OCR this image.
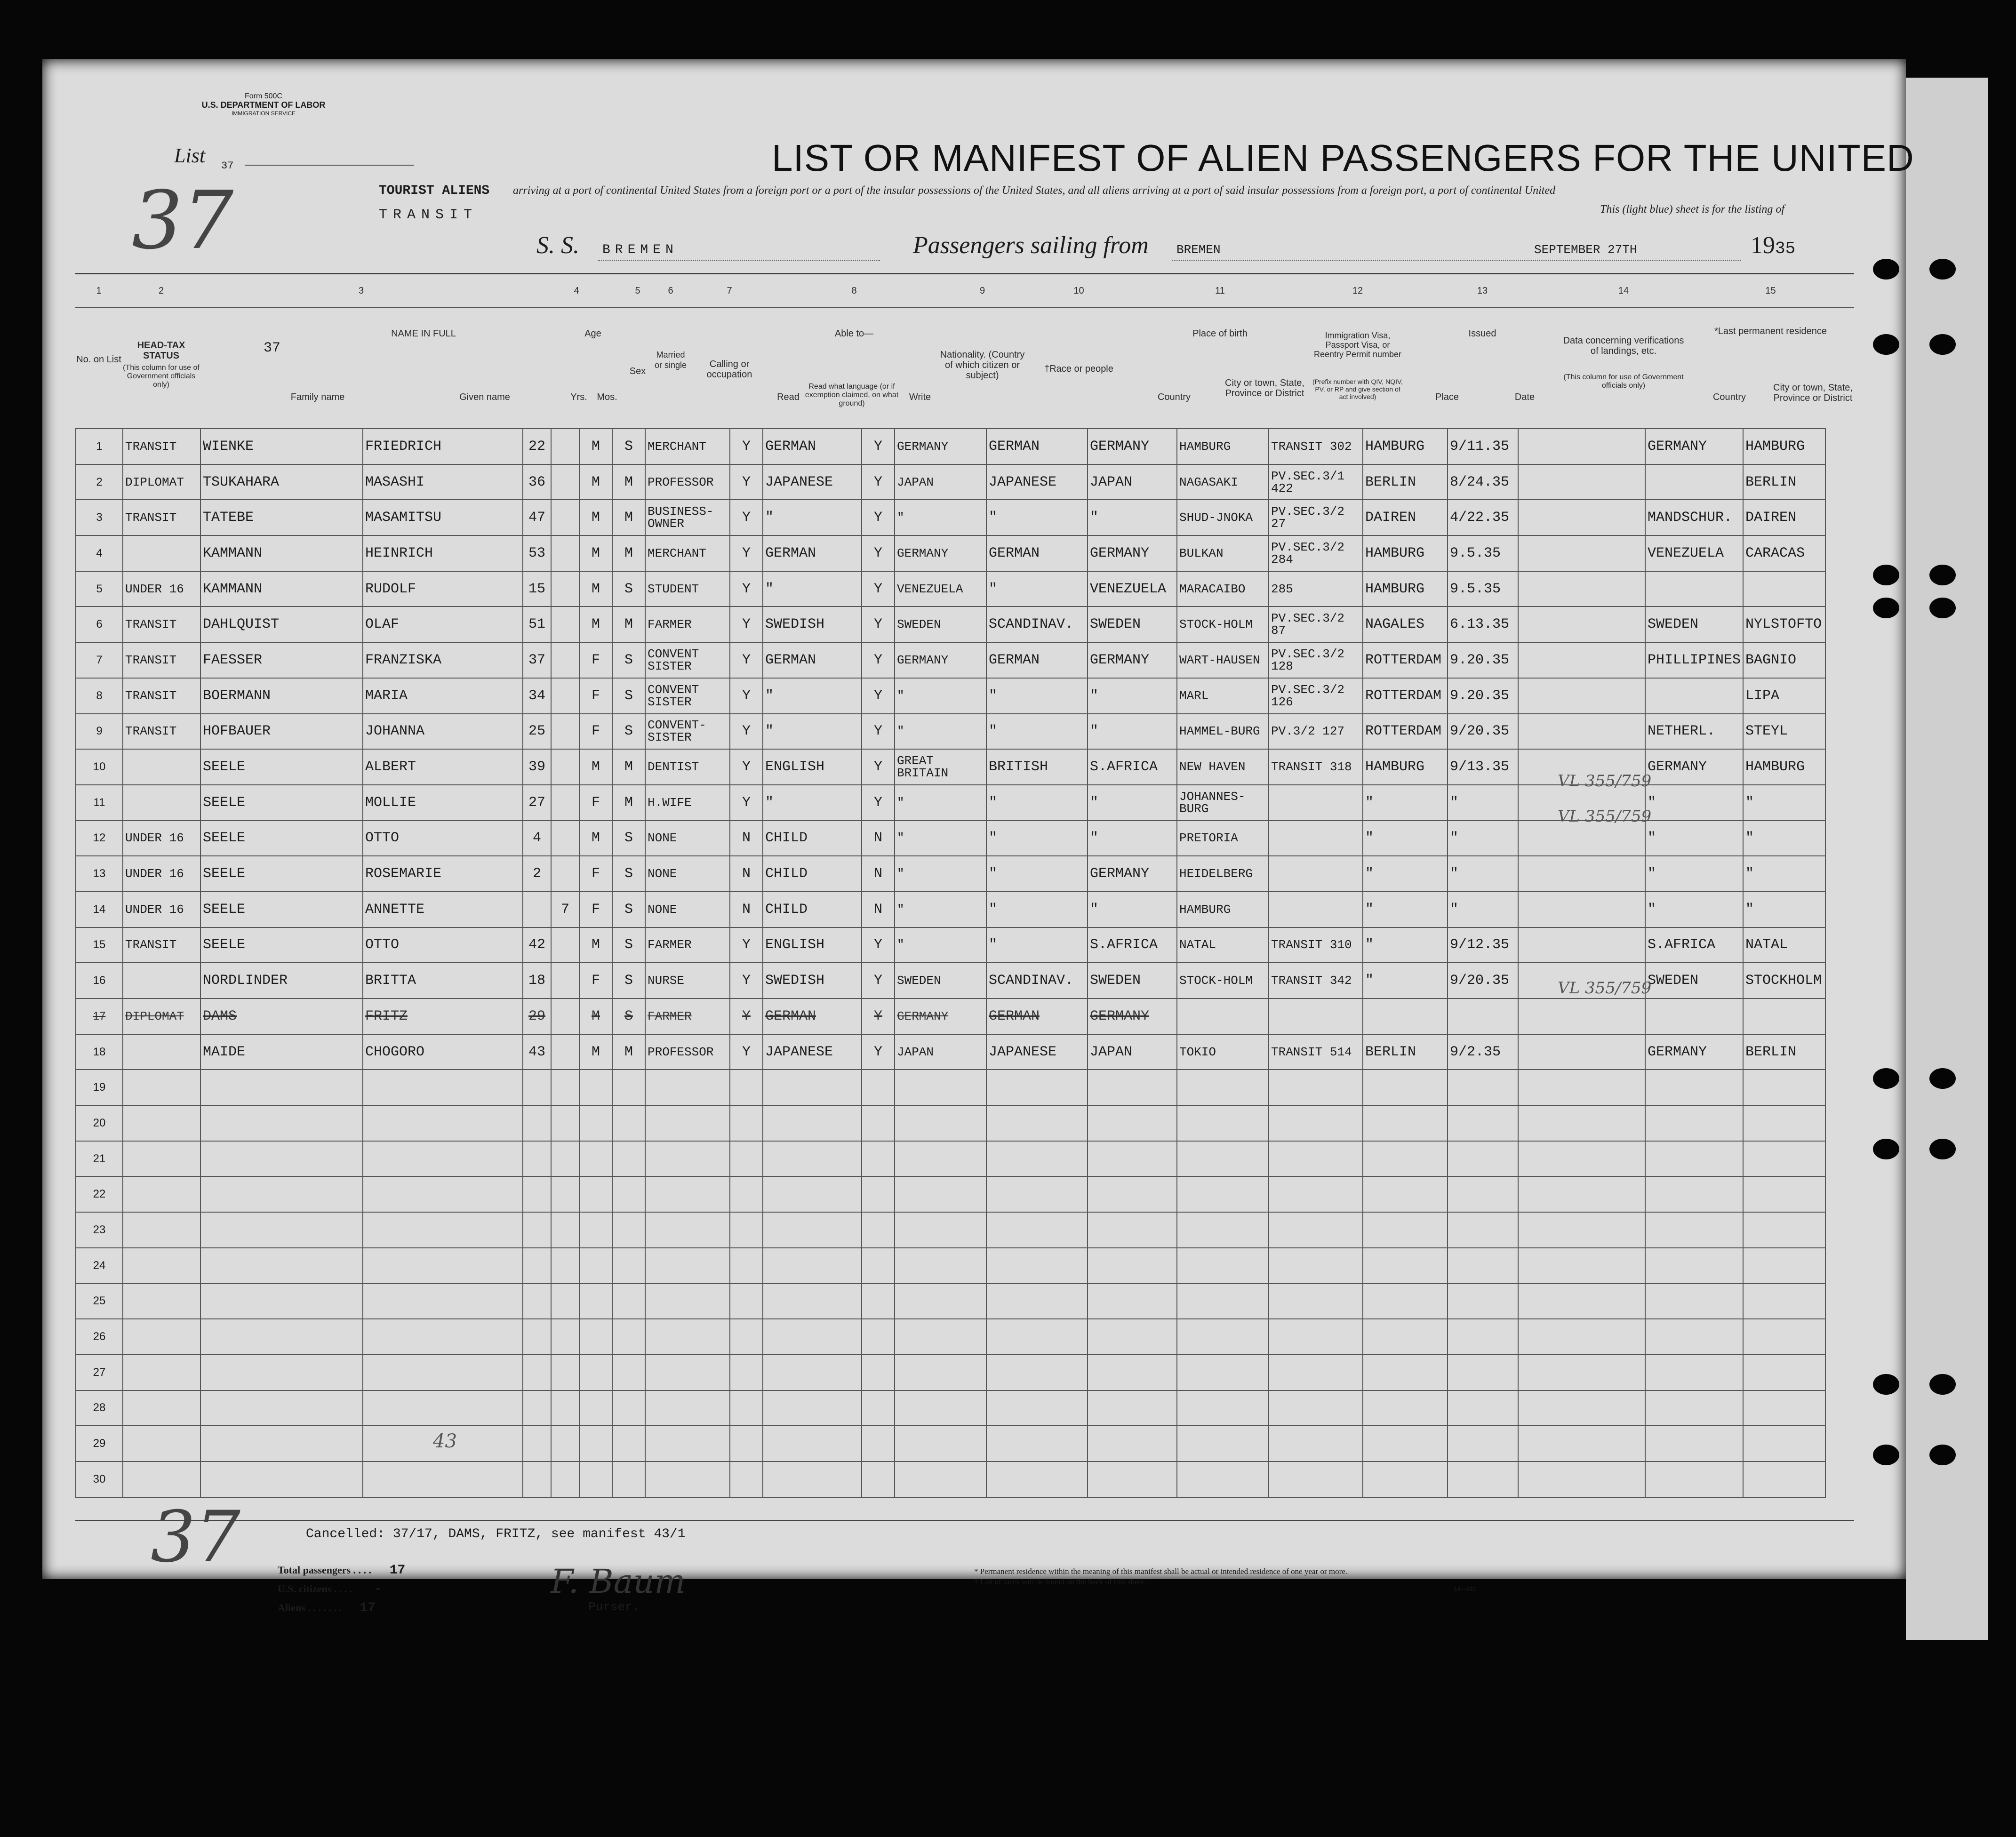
Form 500C
U.S. DEPARTMENT OF LABOR
IMMIGRATION SERVICE
List 37
37
LIST OR MANIFEST OF ALIEN PASSENGERS FOR THE UNITED
TOURIST ALIENS arriving at a port of continental United States from a foreign port or a port of the insular possessions of the United States, and all aliens arriving at a port of said insular possessions from a foreign port, a port of continental United
This (light blue) sheet is for the listing of
TRANSIT
S. S. BREMEN	Passengers sailing from BREMEN	SEPTEMBER 27TH	1935
1	2	3	4	5	6	7	8	9	10	11	12	13	14	15
No. on List
HEAD-TAX STATUS
(This column for use of Government officials only)
37
NAME IN FULL
Family name	Given name
Age
Yrs.	Mos.
Sex
Married or single	Calling or occupation
Able to—
Read
Read what language (or if exemption claimed, on what ground)
Write
Nationality. (Country of which citizen or subject)
†Race or people
Place of birth
Country
City or town, State, Province or District
Immigration Visa, Passport Visa, or Reentry Permit number
(Prefix number with QIV, NQIV, PV, or RP and give section of act involved)
Issued
Place	Date
Data concerning verifications of landings, etc.
(This column for use of Government officials only)
*Last permanent residence
Country
City or town, State, Province or District
1	TRANSIT	WIENKE	FRIEDRICH	22		M	S	MERCHANT	Y	GERMAN	Y	GERMANY	GERMAN	GERMANY	HAMBURG	TRANSIT 302	HAMBURG	9/11.35		GERMANY	HAMBURG
2	DIPLOMAT	TSUKAHARA	MASASHI	36		M	M	PROFESSOR	Y	JAPANESE	Y	JAPAN	JAPANESE	JAPAN	NAGASAKI	PV.SEC.3/1 422	BERLIN	8/24.35			BERLIN
3	TRANSIT	TATEBE	MASAMITSU	47		M	M	BUSINESS-OWNER	Y	"	Y	"	"	"	SHUD-JNOKA	PV.SEC.3/2 27	DAIREN	4/22.35		MANDSCHUR.	DAIREN
4		KAMMANN	HEINRICH	53		M	M	MERCHANT	Y	GERMAN	Y	GERMANY	GERMAN	GERMANY	BULKAN	PV.SEC.3/2 284	HAMBURG	9.5.35		VENEZUELA	CARACAS
5	UNDER 16	KAMMANN	RUDOLF	15		M	S	STUDENT	Y	"	Y	VENEZUELA	"	VENEZUELA	MARACAIBO	285	HAMBURG	9.5.35			
6	TRANSIT	DAHLQUIST	OLAF	51		M	M	FARMER	Y	SWEDISH	Y	SWEDEN	SCANDINAV.	SWEDEN	STOCK-HOLM	PV.SEC.3/2 87	NAGALES	6.13.35		SWEDEN	NYLSTOFTO
7	TRANSIT	FAESSER	FRANZISKA	37		F	S	CONVENT SISTER	Y	GERMAN	Y	GERMANY	GERMAN	GERMANY	WART-HAUSEN	PV.SEC.3/2 128	ROTTERDAM	9.20.35		PHILLIPINES	BAGNIO
8	TRANSIT	BOERMANN	MARIA	34		F	S	CONVENT SISTER	Y	"	Y	"	"	"	MARL	PV.SEC.3/2 126	ROTTERDAM	9.20.35			LIPA
9	TRANSIT	HOFBAUER	JOHANNA	25		F	S	CONVENT-SISTER	Y	"	Y	"	"	"	HAMMEL-BURG	PV.3/2 127	ROTTERDAM	9/20.35		NETHERL.	STEYL
10		SEELE	ALBERT	39		M	M	DENTIST	Y	ENGLISH	Y	GREAT BRITAIN	BRITISH	S.AFRICA	NEW HAVEN	TRANSIT 318	HAMBURG	9/13.35		GERMANY	HAMBURG
11		SEELE	MOLLIE	27		F	M	H.WIFE	Y	"	Y	"	"	"	JOHANNES-BURG		"	"		"	"
12	UNDER 16	SEELE	OTTO	4		M	S	NONE	N	CHILD	N	"	"	"	PRETORIA		"	"		"	"
13	UNDER 16	SEELE	ROSEMARIE	2		F	S	NONE	N	CHILD	N	"	"	GERMANY	HEIDELBERG		"	"		"	"
14	UNDER 16	SEELE	ANNETTE		7	F	S	NONE	N	CHILD	N	"	"	"	HAMBURG		"	"		"	"
15	TRANSIT	SEELE	OTTO	42		M	S	FARMER	Y	ENGLISH	Y	"	"	S.AFRICA	NATAL	TRANSIT 310	"	9/12.35		S.AFRICA	NATAL
16		NORDLINDER	BRITTA	18		F	S	NURSE	Y	SWEDISH	Y	SWEDEN	SCANDINAV.	SWEDEN	STOCK-HOLM	TRANSIT 342	"	9/20.35		SWEDEN	STOCKHOLM
17	DIPLOMAT	DAMS	FRITZ	29		M	S	FARMER	Y	GERMAN	Y	GERMANY	GERMAN	GERMANY							
18		MAIDE	CHOGORO	43		M	M	PROFESSOR	Y	JAPANESE	Y	JAPAN	JAPANESE	JAPAN	TOKIO	TRANSIT 514	BERLIN	9/2.35		GERMANY	BERLIN
19																					
20																					
21																					
22																					
23																					
24																					
25																					
26																					
27																					
28																					
29																					
30																					
VL 355/759
VL 355/759
VL 355/759
43
37	Cancelled: 37/17, DAMS, FRITZ, see manifest 43/1
Total passengers . . . . 17
U.S. citizens . . . . -
Aliens . . . . . . . 17
F. Baum
Purser.
* Permanent residence within the meaning of this manifest shall be actual or intended residence of one year or more.
† List of races will be found on the back of this sheet.
14—430
